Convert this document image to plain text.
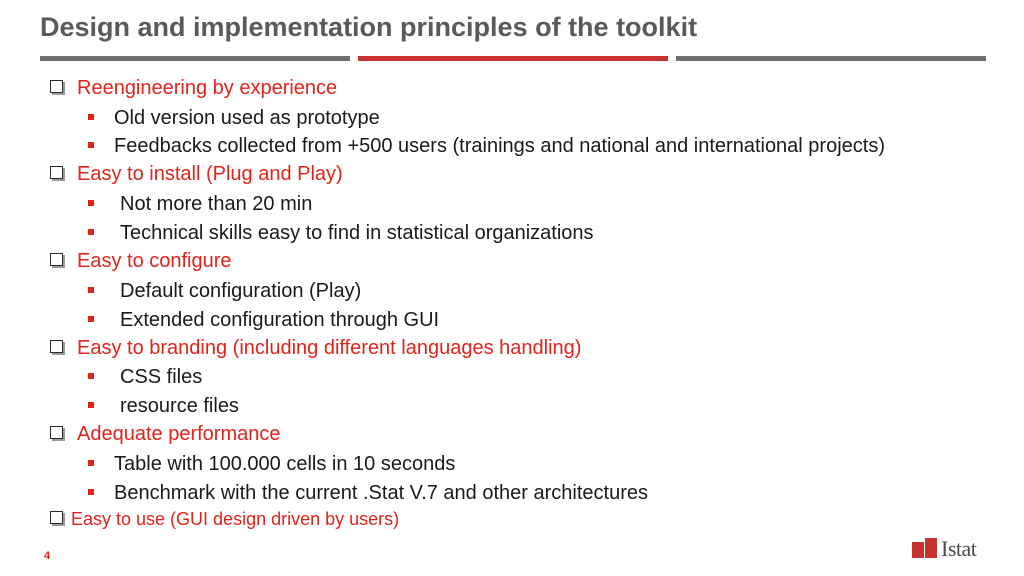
Design and implementation principles of the toolkit
Reengineering by experience
Old version used as prototype
Feedbacks collected from +500 users (trainings and national and international projects)
Easy to install (Plug and Play)
Not more than 20 min
Technical skills easy to find in statistical organizations
Easy to configure
Default configuration (Play)
Extended configuration through GUI
Easy to branding (including different languages handling)
CSS files
resource files
Adequate performance
Table with 100.000 cells in 10 seconds
Benchmark with the current .Stat V.7 and other architectures
Easy to use (GUI design driven by users)
4	Istat
